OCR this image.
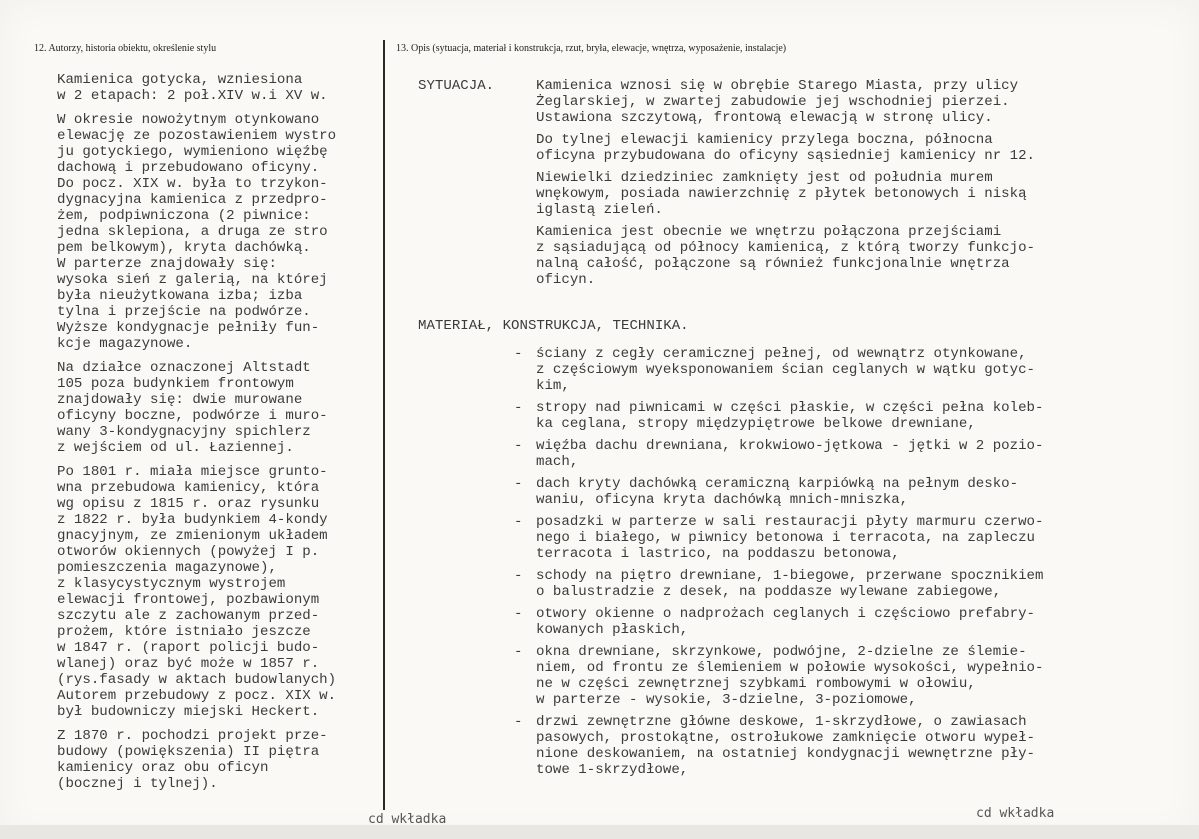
12. Autorzy, historia obiektu, określenie stylu	13. Opis (sytuacja, materiał i konstrukcja, rzut, bryła, elewacje, wnętrza, wyposażenie, instalacje)

Kamienica gotycka, wzniesiona
w 2 etapach: 2 poł.XIV w.i XV w.

W okresie nowożytnym otynkowano
elewację ze pozostawieniem wystro
ju gotyckiego, wymieniono więźbę
dachową i przebudowano oficyny.
Do pocz. XIX w. była to trzykon-
dygnacyjna kamienica z przedpro-
żem, podpiwniczona (2 piwnice:
jedna sklepiona, a druga ze stro
pem belkowym), kryta dachówką.
W parterze znajdowały się:
wysoka sień z galerią, na której
była nieużytkowana izba; izba
tylna i przejście na podwórze.
Wyższe kondygnacje pełniły fun-
kcje magazynowe.

Na działce oznaczonej Altstadt
105 poza budynkiem frontowym
znajdowały się: dwie murowane
oficyny boczne, podwórze i muro-
wany 3-kondygnacyjny spichlerz
z wejściem od ul. Łaziennej.

Po 1801 r. miała miejsce grunto-
wna przebudowa kamienicy, która
wg opisu z 1815 r. oraz rysunku
z 1822 r. była budynkiem 4-kondy
gnacyjnym, ze zmienionym układem
otworów okiennych (powyżej I p.
pomieszczenia magazynowe),
z klasycystycznym wystrojem
elewacji frontowej, pozbawionym
szczytu ale z zachowanym przed-
prożem, które istniało jeszcze
w 1847 r. (raport policji budo-
wlanej) oraz być może w 1857 r.
(rys.fasady w aktach budowlanych)
Autorem przebudowy z pocz. XIX w.
był budowniczy miejski Heckert.

Z 1870 r. pochodzi projekt prze-
budowy (powiększenia) II piętra
kamienicy oraz obu oficyn
(bocznej i tylnej).

SYTUACJA.	Kamienica wznosi się w obrębie Starego Miasta, przy ulicy
Żeglarskiej, w zwartej zabudowie jej wschodniej pierzei.
Ustawiona szczytową, frontową elewacją w stronę ulicy.

Do tylnej elewacji kamienicy przylega boczna, północna
oficyna przybudowana do oficyny sąsiedniej kamienicy nr 12.

Niewielki dziedziniec zamknięty jest od południa murem
wnękowym, posiada nawierzchnię z płytek betonowych i niską
iglastą zieleń.

Kamienica jest obecnie we wnętrzu połączona przejściami
z sąsiadującą od północy kamienicą, z którą tworzy funkcjo-
nalną całość, połączone są również funkcjonalnie wnętrza
oficyn.

MATERIAŁ, KONSTRUKCJA, TECHNIKA.
- ściany z cegły ceramicznej pełnej, od wewnątrz otynkowane,
z częściowym wyeksponowaniem ścian ceglanych w wątku gotyc-
kim,

- stropy nad piwnicami w części płaskie, w części pełna koleb-
ka ceglana, stropy międzypiętrowe belkowe drewniane,

- więźba dachu drewniana, krokwiowo-jętkowa - jętki w 2 pozio-
mach,

- dach kryty dachówką ceramiczną karpiówką na pełnym desko-
waniu, oficyna kryta dachówką mnich-mniszka,

- posadzki w parterze w sali restauracji płyty marmuru czerwo-
nego i białego, w piwnicy betonowa i terracota, na zapleczu
terracota i lastrico, na poddaszu betonowa,

- schody na piętro drewniane, 1-biegowe, przerwane spocznikiem
o balustradzie z desek, na poddasze wylewane zabiegowe,

- otwory okienne o nadprożach ceglanych i częściowo prefabry-
kowanych płaskich,

- okna drewniane, skrzynkowe, podwójne, 2-dzielne ze ślemie-
niem, od frontu ze ślemieniem w połowie wysokości, wypełnio-
ne w części zewnętrznej szybkami rombowymi w ołowiu,
w parterze - wysokie, 3-dzielne, 3-poziomowe,

- drzwi zewnętrzne główne deskowe, 1-skrzydłowe, o zawiasach
pasowych, prostokątne, ostrołukowe zamknięcie otworu wypeł-
nione deskowaniem, na ostatniej kondygnacji wewnętrzne pły-
towe 1-skrzydłowe,

cd wkładka	cd wkładka
